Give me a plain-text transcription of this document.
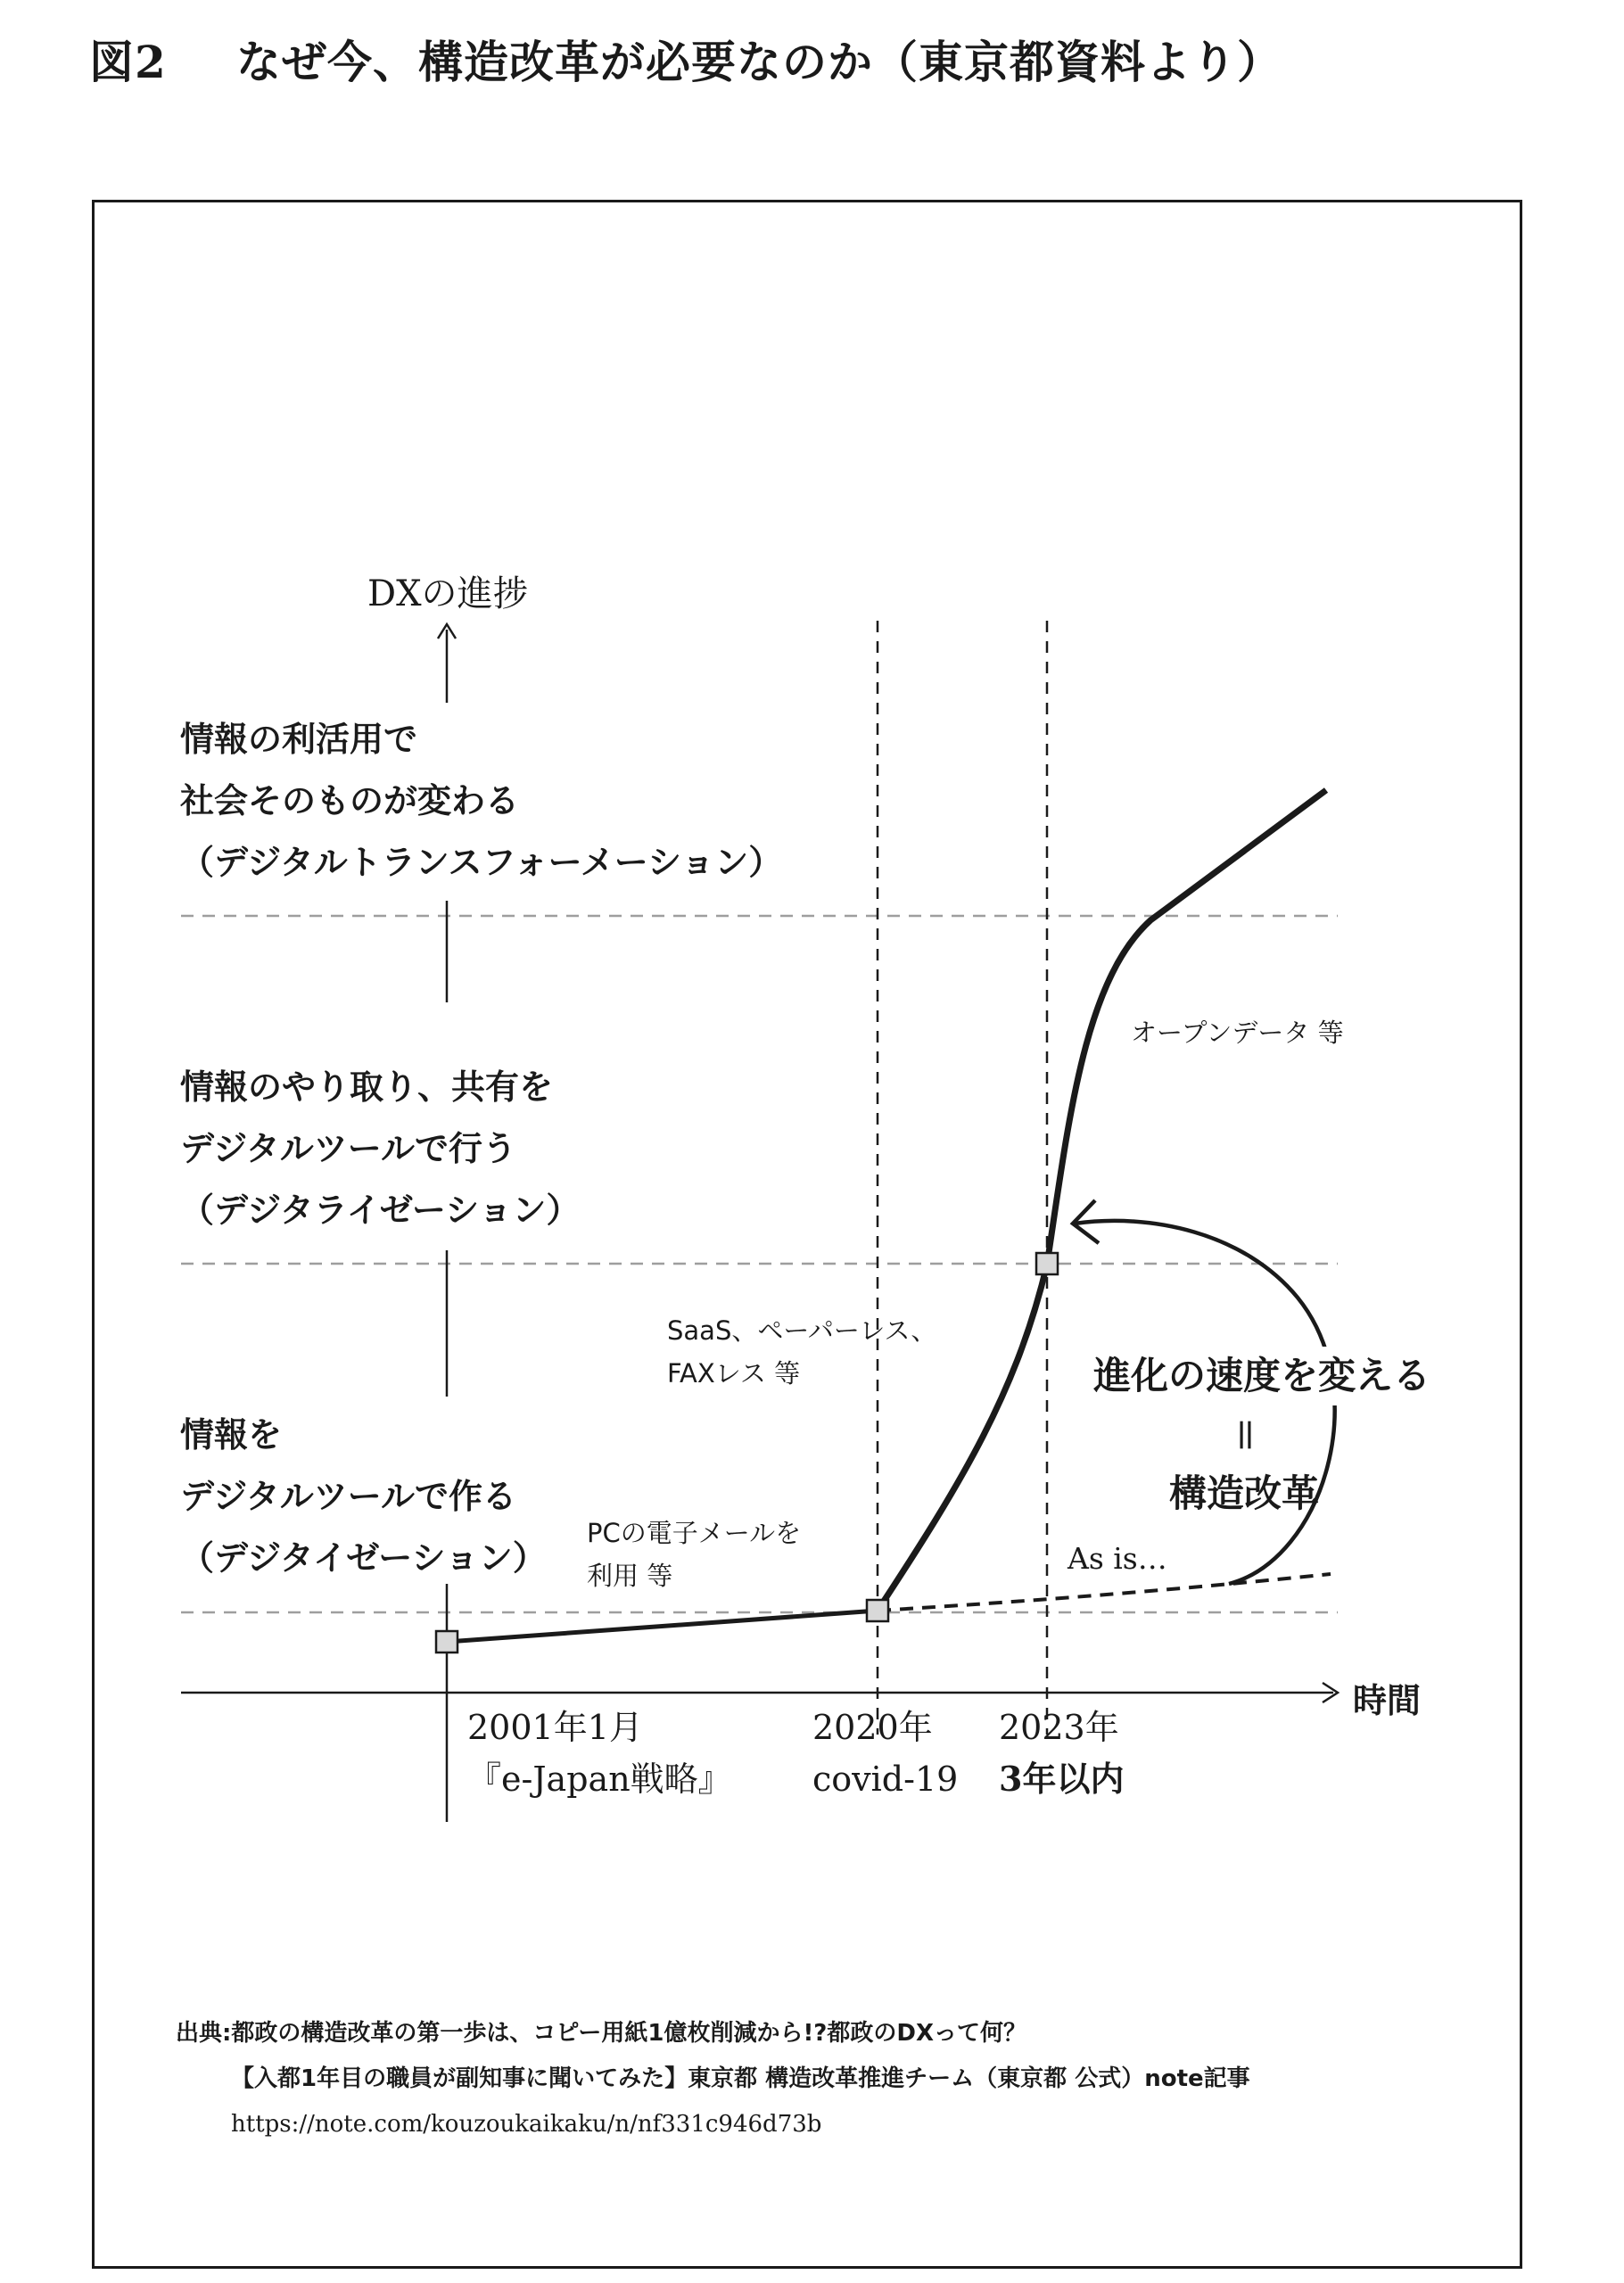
図2 なぜ今、構造改革が必要なのか（東京都資料より）
DXの進捗
時間
情報の利活用で
社会そのものが変わる
（デジタルトランスフォーメーション）
情報のやり取り、共有を
デジタルツールで行う
（デジタライゼーション）
情報を
デジタルツールで作る
（デジタイゼーション）
2001年1月
『e-Japan戦略』
2020年
covid-19
2023年
3年以内
PCの電子メールを
利用 等
SaaS、ペーパーレス、
FAXレス 等
オープンデータ 等
As is…
進化の速度を変える
＝
構造改革
出典:都政の構造改革の第一歩は、コピー用紙1億枚削減から!?都政のDXって何？
【入都1年目の職員が副知事に聞いてみた】東京都 構造改革推進チーム（東京都 公式）note記事
https://note.com/kouzoukaikaku/n/nf331c946d73b
